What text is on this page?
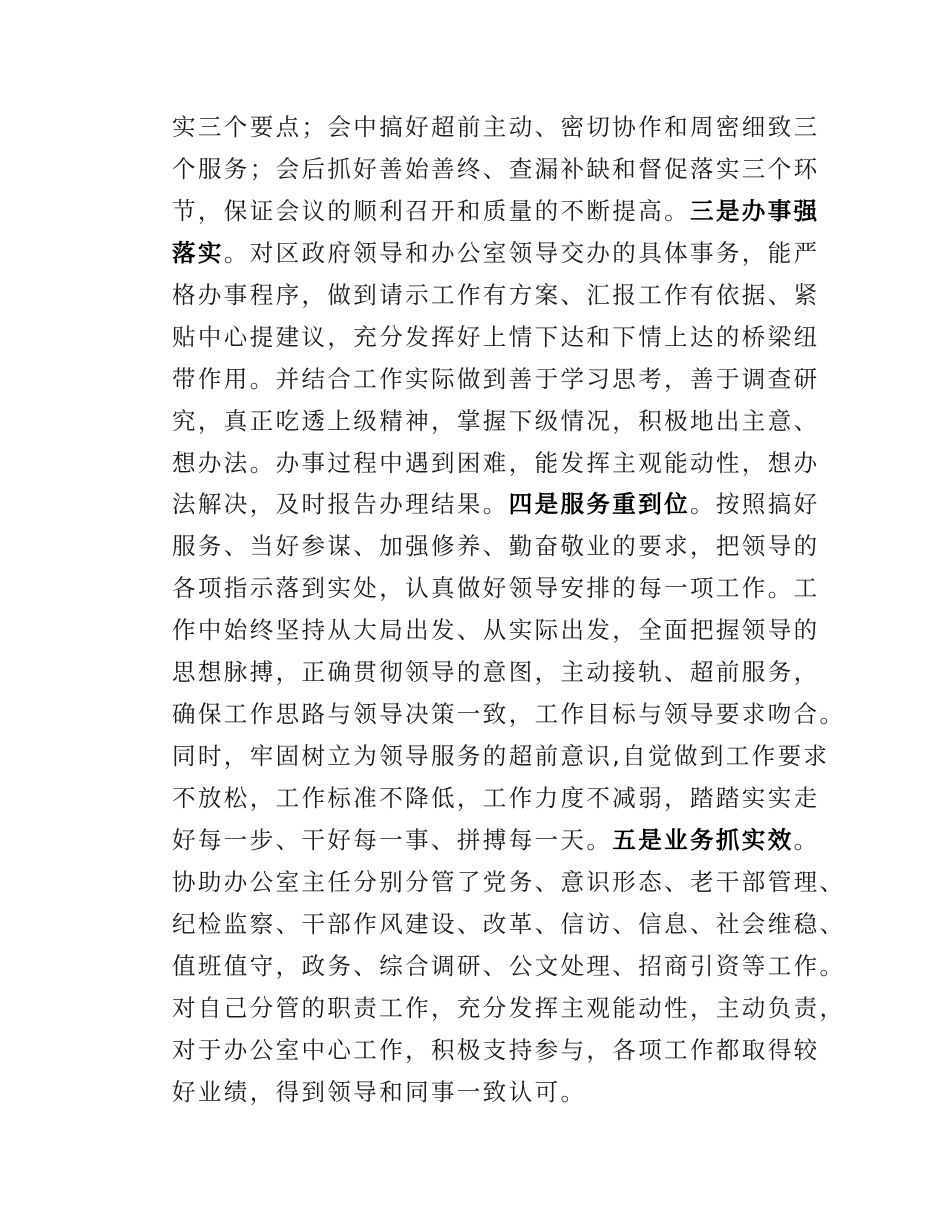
实三个要点；会中搞好超前主动、密切协作和周密细致三
个服务；会后抓好善始善终、查漏补缺和督促落实三个环
节，保证会议的顺利召开和质量的不断提高。三是办事强
落实。对区政府领导和办公室领导交办的具体事务，能严
格办事程序，做到请示工作有方案、汇报工作有依据、紧
贴中心提建议，充分发挥好上情下达和下情上达的桥梁纽
带作用。并结合工作实际做到善于学习思考，善于调查研
究，真正吃透上级精神，掌握下级情况，积极地出主意、
想办法。办事过程中遇到困难，能发挥主观能动性，想办
法解决，及时报告办理结果。四是服务重到位。按照搞好
服务、当好参谋、加强修养、勤奋敬业的要求，把领导的
各项指示落到实处，认真做好领导安排的每一项工作。工
作中始终坚持从大局出发、从实际出发，全面把握领导的
思想脉搏，正确贯彻领导的意图，主动接轨、超前服务，
确保工作思路与领导决策一致，工作目标与领导要求吻合。
同时，牢固树立为领导服务的超前意识,自觉做到工作要求
不放松，工作标准不降低，工作力度不减弱，踏踏实实走
好每一步、干好每一事、拼搏每一天。五是业务抓实效。
协助办公室主任分别分管了党务、意识形态、老干部管理、
纪检监察、干部作风建设、改革、信访、信息、社会维稳、
值班值守，政务、综合调研、公文处理、招商引资等工作。
对自己分管的职责工作，充分发挥主观能动性，主动负责，
对于办公室中心工作，积极支持参与，各项工作都取得较
好业绩，得到领导和同事一致认可。
